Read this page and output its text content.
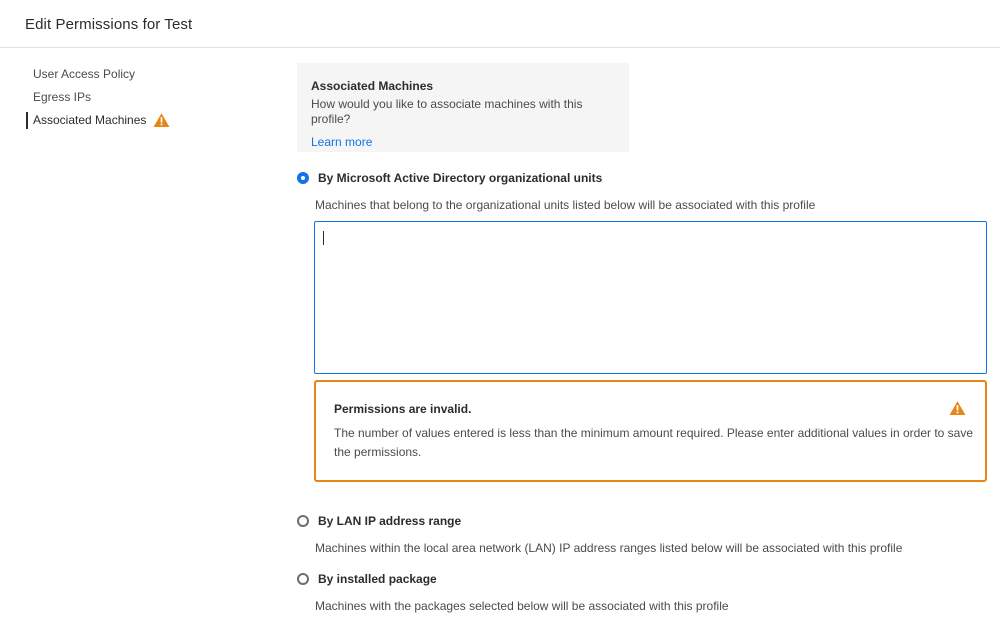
Edit Permissions for Test
User Access Policy
Egress IPs
Associated Machines
Associated Machines
How would you like to associate machines with this profile?
Learn more
By Microsoft Active Directory organizational units
Machines that belong to the organizational units listed below will be associated with this profile
Permissions are invalid.
The number of values entered is less than the minimum amount required. Please enter additional values in order to save the permissions.
By LAN IP address range
Machines within the local area network (LAN) IP address ranges listed below will be associated with this profile
By installed package
Machines with the packages selected below will be associated with this profile
